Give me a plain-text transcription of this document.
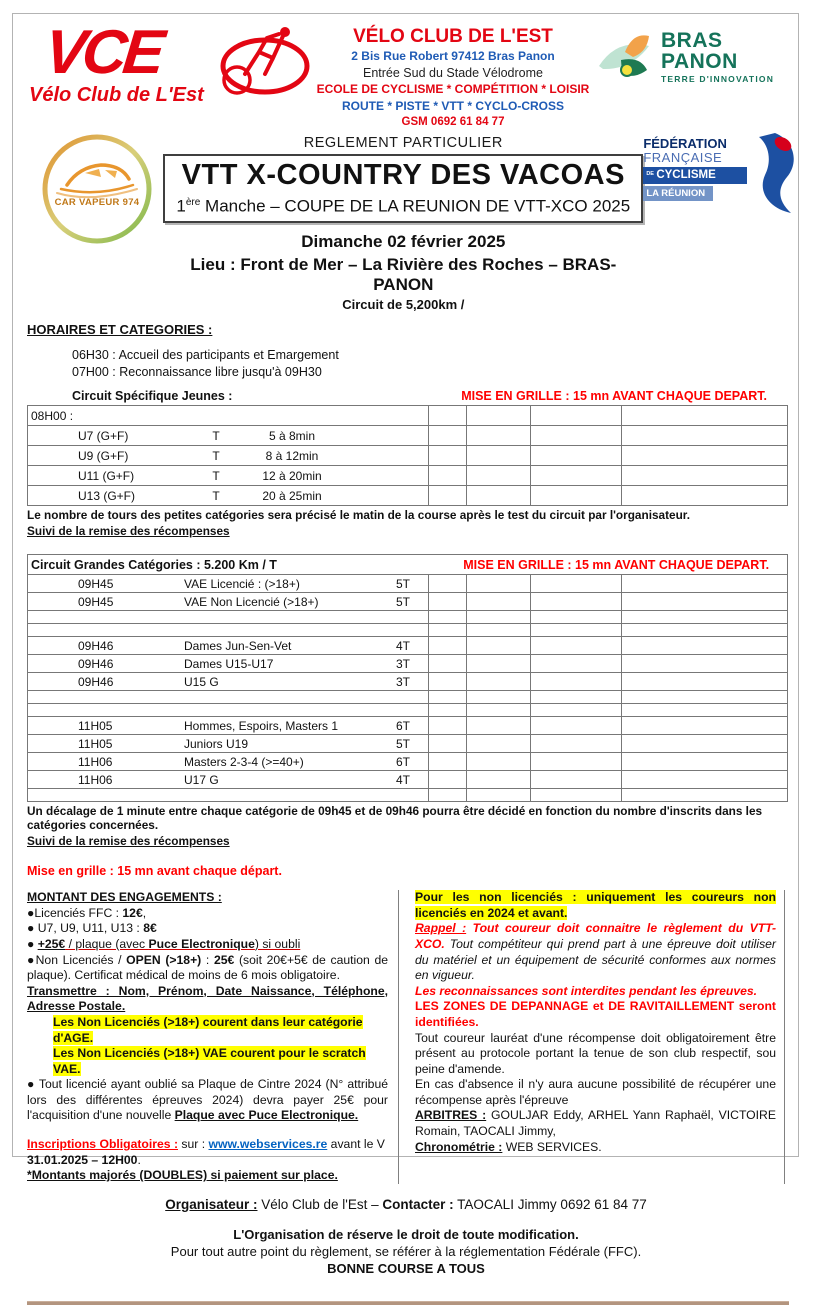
VCE
Vélo Club de L'Est
VÉLO CLUB DE L'EST
2 Bis Rue Robert 97412 Bras Panon
Entrée Sud du Stade Vélodrome
ECOLE DE CYCLISME * COMPÉTITION * LOISIR
ROUTE * PISTE * VTT * CYCLO-CROSS
GSM 0692 61 84 77
BRAS
PANON
TERRE D'INNOVATION
CAR VAPEUR 974
REGLEMENT PARTICULIER
VTT X-COUNTRY DES VACOAS
1ère Manche – COUPE DE LA REUNION DE VTT-XCO 2025
Dimanche 02 février 2025
Lieu : Front de Mer – La Rivière des Roches – BRAS-PANON
Circuit de 5,200km /
FÉDÉRATION
FRANÇAISE
DE CYCLISME
LA RÉUNION
HORAIRES ET CATEGORIES :
06H30 : Accueil des participants et Emargement
07H00 : Reconnaissance libre jusqu'à 09H30
Circuit Spécifique Jeunes :	MISE EN GRILLE : 15 mn AVANT CHAQUE DEPART.
08H00 :				
U7 (G+F) T 5 à 8min				
U9 (G+F) T 8 à 12min				
U11 (G+F) T 12 à 20min				
U13 (G+F) T 20 à 25min				
Le nombre de tours des petites catégories sera précisé le matin de la course après le test du circuit par l'organisateur.
Suivi de la remise des récompenses
Circuit Grandes Catégories : 5.200 Km / T MISE EN GRILLE : 15 mn AVANT CHAQUE DEPART.				

09H45 VAE Licencié : (>18+) 5T				
09H45 VAE Non Licencié (>18+) 5T				

09H46 Dames Jun-Sen-Vet 4T				
09H46 Dames U15-U17 3T				
09H46 U15 G 3T				

11H05 Hommes, Espoirs, Masters 1 6T				
11H05 Juniors U19 5T				
11H06 Masters 2-3-4 (>=40+) 6T				
11H06 U17 G 4T				

Un décalage de 1 minute entre chaque catégorie de 09h45 et de 09h46 pourra être décidé en fonction du nombre d'inscrits dans les catégories concernées.
Suivi de la remise des récompenses
Mise en grille : 15 mn avant chaque départ.
MONTANT DES ENGAGEMENTS :
●Licenciés FFC : 12€,
● U7, U9, U11, U13 : 8€
● +25€ / plaque (avec Puce Electronique) si oubli
●Non Licenciés / OPEN (>18+) : 25€ (soit 20€+5€ de caution de plaque). Certificat médical de moins de 6 mois obligatoire.
Transmettre : Nom, Prénom, Date Naissance, Téléphone, Adresse Postale.
Les Non Licenciés (>18+) courent dans leur catégorie d'AGE.
Les Non Licenciés (>18+) VAE courent pour le scratch VAE.
● Tout licencié ayant oublié sa Plaque de Cintre 2024 (N° attribué lors des différentes épreuves 2024) devra payer 25€ pour l'acquisition d'une nouvelle Plaque avec Puce Electronique.
Inscriptions Obligatoires : sur : www.webservices.re avant le V
31.01.2025 – 12H00.
*Montants majorés (DOUBLES) si paiement sur place.
Pour les non licenciés : uniquement les coureurs non licenciés en 2024 et avant.
Rappel : Tout coureur doit connaitre le règlement du VTT-XCO. Tout compétiteur qui prend part à une épreuve doit utiliser du matériel et un équipement de sécurité conformes aux normes en vigueur.
Les reconnaissances sont interdites pendant les épreuves.
LES ZONES DE DEPANNAGE et DE RAVITAILLEMENT seront identifiées.
Tout coureur lauréat d'une récompense doit obligatoirement être présent au protocole portant la tenue de son club respectif, sou peine d'amende.
En cas d'absence il n'y aura aucune possibilité de récupérer une récompense après l'épreuve
ARBITRES : GOULJAR Eddy, ARHEL Yann Raphaël, VICTOIRE Romain, TAOCALI Jimmy,
Chronométrie : WEB SERVICES.
Organisateur : Vélo Club de l'Est – Contacter : TAOCALI Jimmy 0692 61 84 77
L'Organisation de réserve le droit de toute modification.
Pour tout autre point du règlement, se référer à la réglementation Fédérale (FFC).
BONNE COURSE A TOUS
